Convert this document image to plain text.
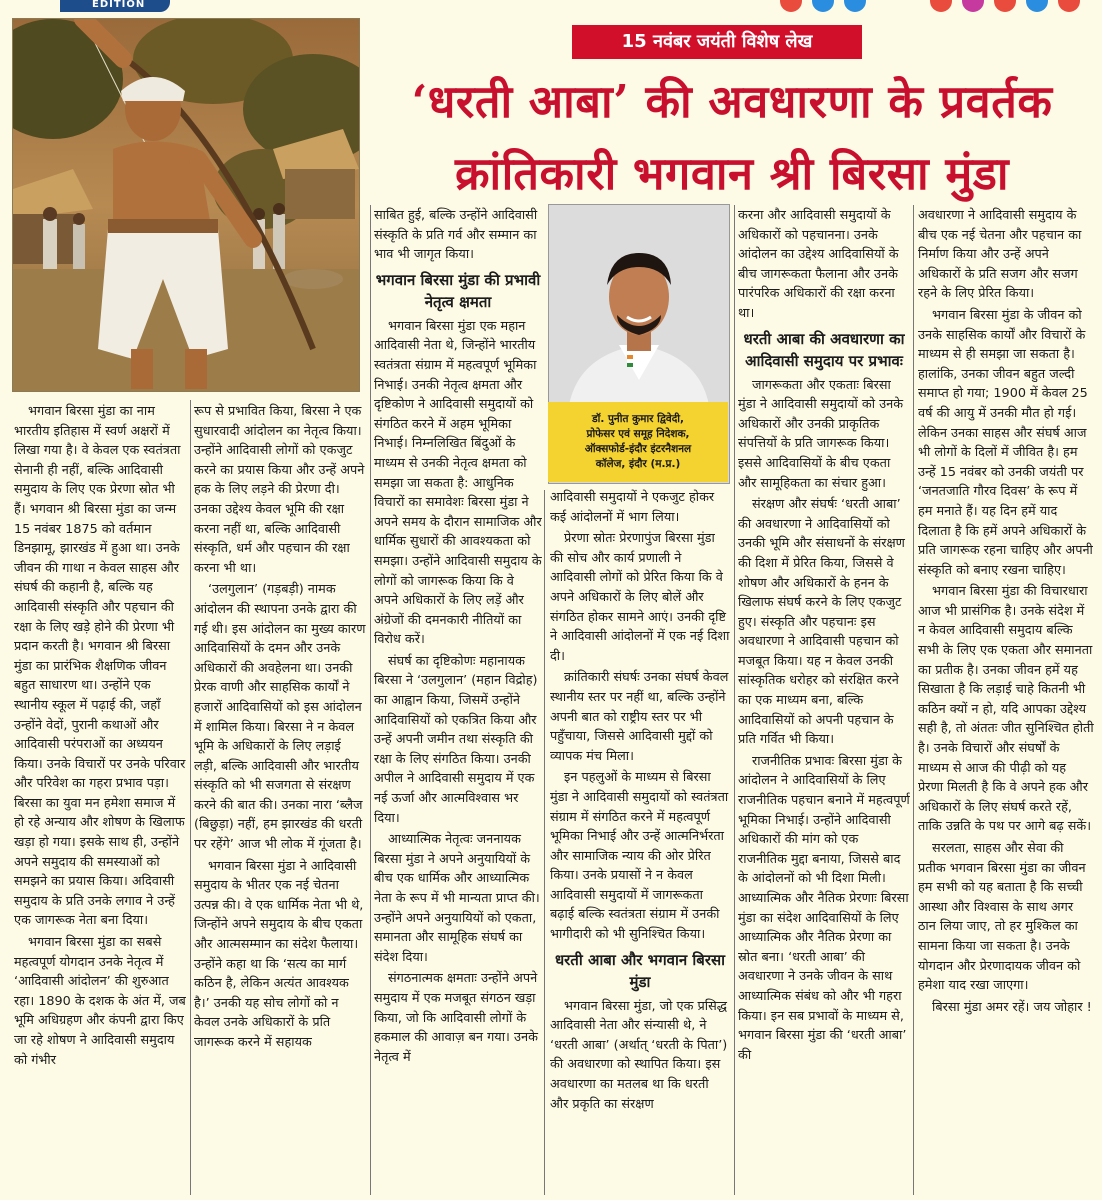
EDITION
15 नवंबर जयंती विशेष लेख
‘धरती आबा’ की अवधारणा के प्रवर्तक
क्रांतिकारी भगवान श्री बिरसा मुंडा
डॉ. पुनीत कुमार द्विवेदी,
प्रोफेसर एवं समूह निदेशक,
ऑक्सफोर्ड-इंदौर इंटरनैशनल
कॉलेज, इंदौर (म.प्र.)

भगवान बिरसा मुंडा का नाम भारतीय इतिहास में स्वर्ण अक्षरों में लिखा गया है। वे केवल एक स्वतंत्रता सेनानी ही नहीं, बल्कि आदिवासी समुदाय के लिए एक प्रेरणा स्रोत भी हैं। भगवान श्री बिरसा मुंडा का जन्म 15 नवंबर 1875 को वर्तमान डिनझामू, झारखंड में हुआ था। उनके जीवन की गाथा न केवल साहस और संघर्ष की कहानी है, बल्कि यह आदिवासी संस्कृति और पहचान की रक्षा के लिए खड़े होने की प्रेरणा भी प्रदान करती है। भगवान श्री बिरसा मुंडा का प्रारंभिक शैक्षणिक जीवन बहुत साधारण था। उन्होंने एक स्थानीय स्कूल में पढ़ाई की, जहाँ उन्होंने वेदों, पुरानी कथाओं और आदिवासी परंपराओं का अध्ययन किया। उनके विचारों पर उनके परिवार और परिवेश का गहरा प्रभाव पड़ा। बिरसा का युवा मन हमेशा समाज में हो रहे अन्याय और शोषण के खिलाफ खड़ा हो गया। इसके साथ ही, उन्होंने अपने समुदाय की समस्याओं को समझने का प्रयास किया। अदिवासी समुदाय के प्रति उनके लगाव ने उन्हें एक जागरूक नेता बना दिया।

भगवान बिरसा मुंडा का सबसे महत्वपूर्ण योगदान उनके नेतृत्व में ‘आदिवासी आंदोलन’ की शुरुआत रहा। 1890 के दशक के अंत में, जब भूमि अधिग्रहण और कंपनी द्वारा किए जा रहे शोषण ने आदिवासी समुदाय को गंभीर

रूप से प्रभावित किया, बिरसा ने एक सुधारवादी आंदोलन का नेतृत्व किया। उन्होंने आदिवासी लोगों को एकजुट करने का प्रयास किया और उन्हें अपने हक के लिए लड़ने की प्रेरणा दी। उनका उद्देश्य केवल भूमि की रक्षा करना नहीं था, बल्कि आदिवासी संस्कृति, धर्म और पहचान की रक्षा करना भी था।

‘उलगुलान’ (गड़बड़ी) नामक आंदोलन की स्थापना उनके द्वारा की गई थी। इस आंदोलन का मुख्य कारण आदिवासियों के दमन और उनके अधिकारों की अवहेलना था। उनकी प्रेरक वाणी और साहसिक कार्यों ने हजारों आदिवासियों को इस आंदोलन में शामिल किया। बिरसा ने न केवल भूमि के अधिकारों के लिए लड़ाई लड़ी, बल्कि आदिवासी और भारतीय संस्कृति को भी सजगता से संरक्षण करने की बात की। उनका नारा ‘ब्लैज (बिछुड़ा) नहीं, हम झारखंड की धरती पर रहेंगे’ आज भी लोक में गूंजता है।

भगवान बिरसा मुंडा ने आदिवासी समुदाय के भीतर एक नई चेतना उत्पन्न की। वे एक धार्मिक नेता भी थे, जिन्होंने अपने समुदाय के बीच एकता और आत्मसम्मान का संदेश फैलाया। उन्होंने कहा था कि ‘सत्य का मार्ग कठिन है, लेकिन अत्यंत आवश्यक है।’ उनकी यह सोच लोगों को न केवल उनके अधिकारों के प्रति जागरूक करने में सहायक

साबित हुई, बल्कि उन्होंने आदिवासी संस्कृति के प्रति गर्व और सम्मान का भाव भी जागृत किया।

भगवान बिरसा मुंडा की प्रभावी नेतृत्व क्षमता

भगवान बिरसा मुंडा एक महान आदिवासी नेता थे, जिन्होंने भारतीय स्वतंत्रता संग्राम में महत्वपूर्ण भूमिका निभाई। उनकी नेतृत्व क्षमता और दृष्टिकोण ने आदिवासी समुदायों को संगठित करने में अहम भूमिका निभाई। निम्नलिखित बिंदुओं के माध्यम से उनकी नेतृत्व क्षमता को समझा जा सकता है: आधुनिक विचारों का समावेशः बिरसा मुंडा ने अपने समय के दौरान सामाजिक और धार्मिक सुधारों की आवश्यकता को समझा। उन्होंने आदिवासी समुदाय के लोगों को जागरूक किया कि वे अपने अधिकारों के लिए लड़ें और अंग्रेजों की दमनकारी नीतियों का विरोध करें।

संघर्ष का दृष्टिकोणः महानायक बिरसा ने ‘उलगुलान’ (महान विद्रोह) का आह्वान किया, जिसमें उन्होंने आदिवासियों को एकत्रित किया और उन्हें अपनी जमीन तथा संस्कृति की रक्षा के लिए संगठित किया। उनकी अपील ने आदिवासी समुदाय में एक नई ऊर्जा और आत्मविश्वास भर दिया।

आध्यात्मिक नेतृत्वः जननायक बिरसा मुंडा ने अपने अनुयायियों के बीच एक धार्मिक और आध्यात्मिक नेता के रूप में भी मान्यता प्राप्त की। उन्होंने अपने अनुयायियों को एकता, समानता और सामूहिक संघर्ष का संदेश दिया।

संगठनात्मक क्षमताः उन्होंने अपने समुदाय में एक मजबूत संगठन खड़ा किया, जो कि आदिवासी लोगों के हकमाल की आवाज़ बन गया। उनके नेतृत्व में

आदिवासी समुदायों ने एकजुट होकर कई आंदोलनों में भाग लिया।

प्रेरणा स्रोतः प्रेरणापुंज बिरसा मुंडा की सोच और कार्य प्रणाली ने आदिवासी लोगों को प्रेरित किया कि वे अपने अधिकारों के लिए बोलें और संगठित होकर सामने आएं। उनकी दृष्टि ने आदिवासी आंदोलनों में एक नई दिशा दी।

क्रांतिकारी संघर्षः उनका संघर्ष केवल स्थानीय स्तर पर नहीं था, बल्कि उन्होंने अपनी बात को राष्ट्रीय स्तर पर भी पहुँचाया, जिससे आदिवासी मुद्दों को व्यापक मंच मिला।

इन पहलुओं के माध्यम से बिरसा मुंडा ने आदिवासी समुदायों को स्वतंत्रता संग्राम में संगठित करने में महत्वपूर्ण भूमिका निभाई और उन्हें आत्मनिर्भरता और सामाजिक न्याय की ओर प्रेरित किया। उनके प्रयासों ने न केवल आदिवासी समुदायों में जागरूकता बढ़ाई बल्कि स्वतंत्रता संग्राम में उनकी भागीदारी को भी सुनिश्चित किया।

धरती आबा और भगवान बिरसा मुंडा

भगवान बिरसा मुंडा, जो एक प्रसिद्ध आदिवासी नेता और संन्यासी थे, ने ‘धरती आबा’ (अर्थात् ‘धरती के पिता’) की अवधारणा को स्थापित किया। इस अवधारणा का मतलब था कि धरती और प्रकृति का संरक्षण

करना और आदिवासी समुदायों के अधिकारों को पहचानना। उनके आंदोलन का उद्देश्य आदिवासियों के बीच जागरूकता फैलाना और उनके पारंपरिक अधिकारों की रक्षा करना था।

धरती आबा की अवधारणा का आदिवासी समुदाय पर प्रभावः

जागरूकता और एकताः बिरसा मुंडा ने आदिवासी समुदायों को उनके अधिकारों और उनकी प्राकृतिक संपत्तियों के प्रति जागरूक किया। इससे आदिवासियों के बीच एकता और सामूहिकता का संचार हुआ।

संरक्षण और संघर्षः ‘धरती आबा’ की अवधारणा ने आदिवासियों को उनकी भूमि और संसाधनों के संरक्षण की दिशा में प्रेरित किया, जिससे वे शोषण और अधिकारों के हनन के खिलाफ संघर्ष करने के लिए एकजुट हुए। संस्कृति और पहचानः इस अवधारणा ने आदिवासी पहचान को मजबूत किया। यह न केवल उनकी सांस्कृतिक धरोहर को संरक्षित करने का एक माध्यम बना, बल्कि आदिवासियों को अपनी पहचान के प्रति गर्वित भी किया।

राजनीतिक प्रभावः बिरसा मुंडा के आंदोलन ने आदिवासियों के लिए राजनीतिक पहचान बनाने में महत्वपूर्ण भूमिका निभाई। उन्होंने आदिवासी अधिकारों की मांग को एक राजनीतिक मुद्दा बनाया, जिससे बाद के आंदोलनों को भी दिशा मिली। आध्यात्मिक और नैतिक प्रेरणाः बिरसा मुंडा का संदेश आदिवासियों के लिए आध्यात्मिक और नैतिक प्रेरणा का स्रोत बना। ‘धरती आबा’ की अवधारणा ने उनके जीवन के साथ आध्यात्मिक संबंध को और भी गहरा किया। इन सब प्रभावों के माध्यम से, भगवान बिरसा मुंडा की ‘धरती आबा’ की

अवधारणा ने आदिवासी समुदाय के बीच एक नई चेतना और पहचान का निर्माण किया और उन्हें अपने अधिकारों के प्रति सजग और सजग रहने के लिए प्रेरित किया।

भगवान बिरसा मुंडा के जीवन को उनके साहसिक कार्यों और विचारों के माध्यम से ही समझा जा सकता है। हालांकि, उनका जीवन बहुत जल्दी समाप्त हो गया; 1900 में केवल 25 वर्ष की आयु में उनकी मौत हो गई। लेकिन उनका साहस और संघर्ष आज भी लोगों के दिलों में जीवित है। हम उन्हें 15 नवंबर को उनकी जयंती पर ‘जनतजाति गौरव दिवस’ के रूप में हम मनाते हैं। यह दिन हमें याद दिलाता है कि हमें अपने अधिकारों के प्रति जागरूक रहना चाहिए और अपनी संस्कृति को बनाए रखना चाहिए।

भगवान बिरसा मुंडा की विचारधारा आज भी प्रासंगिक है। उनके संदेश में न केवल आदिवासी समुदाय बल्कि सभी के लिए एक एकता और समानता का प्रतीक है। उनका जीवन हमें यह सिखाता है कि लड़ाई चाहे कितनी भी कठिन क्यों न हो, यदि आपका उद्देश्य सही है, तो अंततः जीत सुनिश्चित होती है। उनके विचारों और संघर्षों के माध्यम से आज की पीढ़ी को यह प्रेरणा मिलती है कि वे अपने हक और अधिकारों के लिए संघर्ष करते रहें, ताकि उन्नति के पथ पर आगे बढ़ सकें।

सरलता, साहस और सेवा की प्रतीक भगवान बिरसा मुंडा का जीवन हम सभी को यह बताता है कि सच्ची आस्था और विश्वास के साथ अगर ठान लिया जाए, तो हर मुश्किल का सामना किया जा सकता है। उनके योगदान और प्रेरणादायक जीवन को हमेशा याद रखा जाएगा।

बिरसा मुंडा अमर रहें। जय जोहार !
